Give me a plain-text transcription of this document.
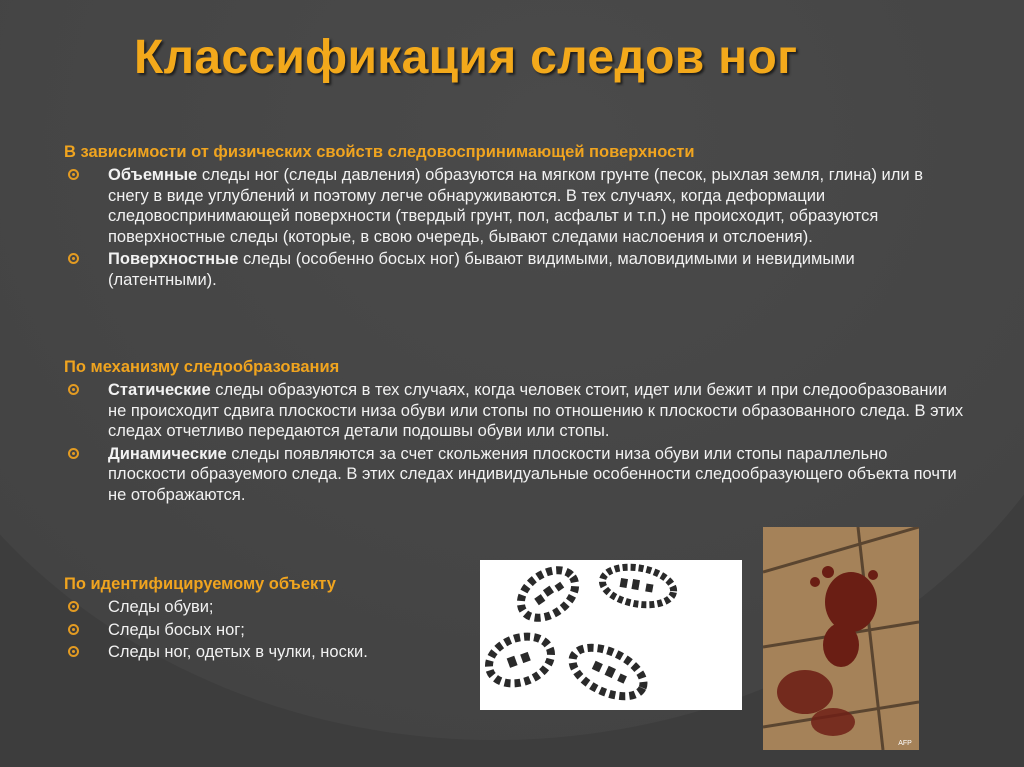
Классификация следов ног
В зависимости от физических свойств следовоспринимающей поверхности
Объемные следы ног (следы давления) образуются на мягком грунте (песок, рыхлая земля, глина) или в снегу в виде углублений и поэтому легче обнаруживаются. В тех случаях, когда деформации следовоспринимающей поверхности (твердый грунт, пол, асфальт и т.п.) не происходит, образуются поверхностные следы (которые, в свою очередь, бывают следами наслоения и отслоения).
Поверхностные следы (особенно босых ног) бывают видимыми, маловидимыми и невидимыми (латентными).
По механизму следообразования
Статические следы образуются в тех случаях, когда человек стоит, идет или бежит и при следообразовании не происходит сдвига плоскости низа обуви или стопы по отношению к плоскости образованного следа. В этих следах отчетливо передаются детали подошвы обуви или стопы.
Динамические следы появляются за счет скольжения плоскости низа обуви или стопы параллельно плоскости образуемого следа. В этих следах индивидуальные особенности следообразующего объекта почти не отображаются.
По идентифицируемому объекту
Следы обуви;
Следы босых ног;
Следы ног, одетых в чулки, носки.
AFP
